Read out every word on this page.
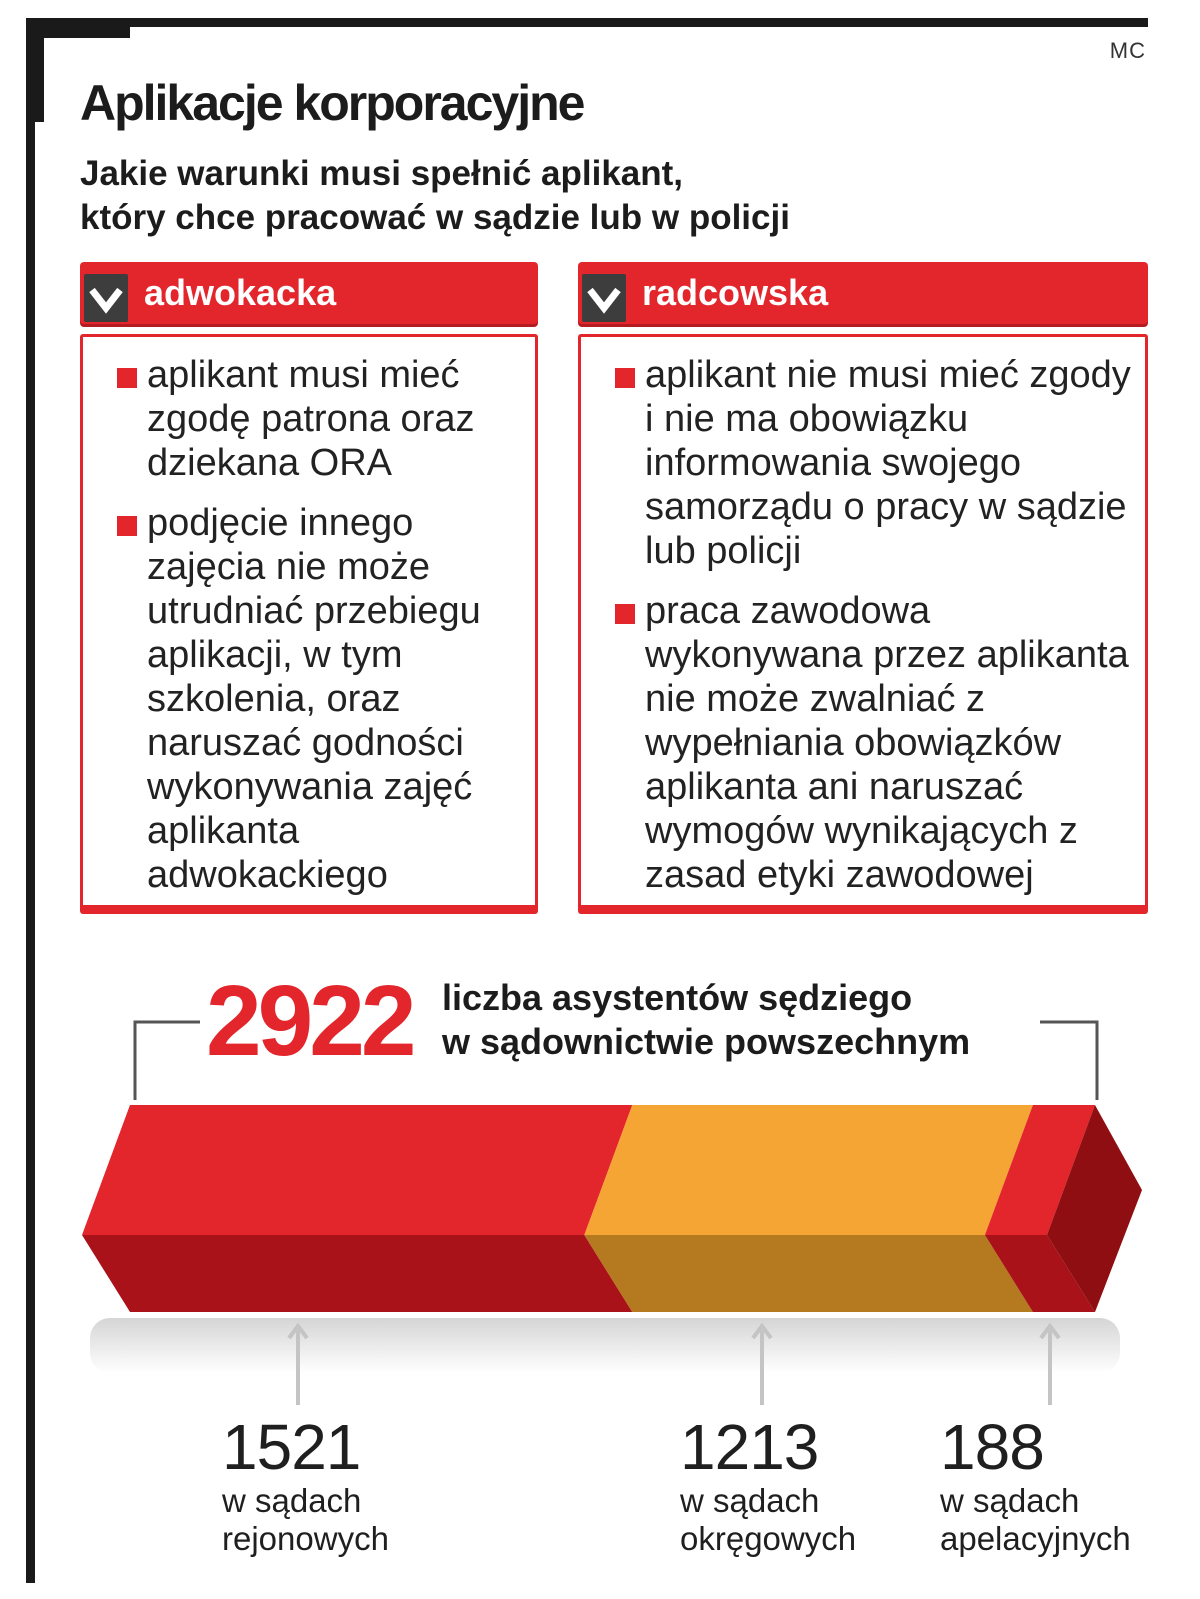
MC
Aplikacje korporacyjne
Jakie warunki musi spełnić aplikant,
który chce pracować w sądzie lub w policji
adwokacka
aplikant musi mieć zgodę patrona oraz dziekana ORA
podjęcie innego zajęcia nie może utrudniać przebiegu aplikacji, w tym szkolenia, oraz naruszać godności wykonywania zajęć aplikanta adwokackiego
radcowska
aplikant nie musi mieć zgody i nie ma obowiązku informowania swojego samorządu o pracy w sądzie lub policji
praca zawodowa wykonywana przez aplikanta nie może zwalniać z wypełniania obowiązków aplikanta ani naruszać wymogów wynikających z zasad etyki zawodowej
2922 liczba asystentów sędziego
w sądownictwie powszechnym
1521
w sądach
rejonowych
1213
w sądach
okręgowych
188
w sądach
apelacyjnych
